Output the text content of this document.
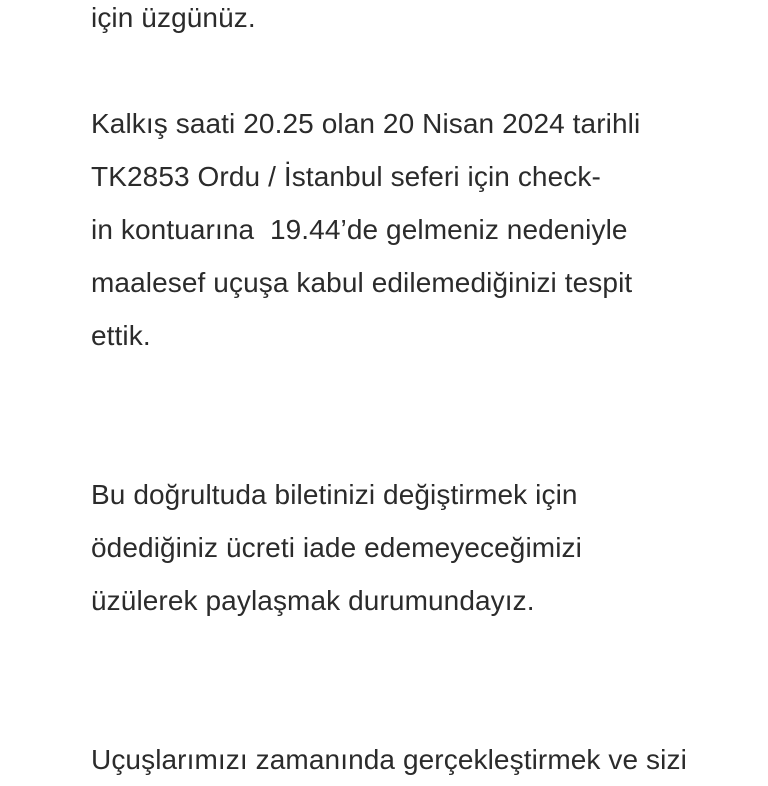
için üzgünüz.
Kalkış saati 20.25 olan 20 Nisan 2024 tarihli
TK2853 Ordu / İstanbul seferi için check-
in kontuarına  19.44’de gelmeniz nedeniyle
maalesef uçuşa kabul edilemediğinizi tespit
ettik.
Bu doğrultuda biletinizi değiştirmek için
ödediğiniz ücreti iade edemeyeceğimizi
üzülerek paylaşmak durumundayız.
Uçuşlarımızı zamanında gerçekleştirmek ve sizi
